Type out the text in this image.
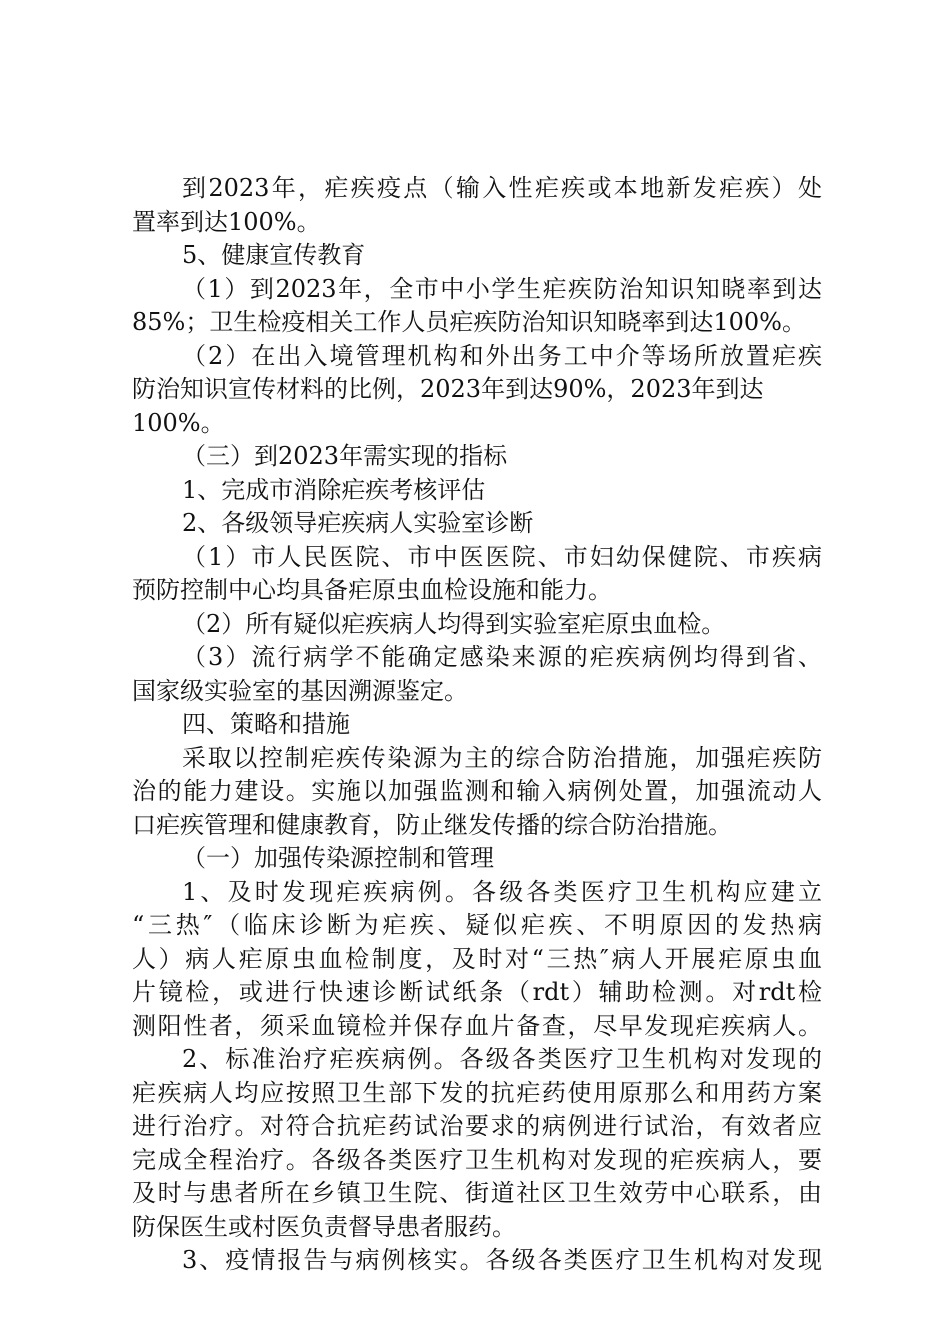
到2023年，疟疾疫点（输入性疟疾或本地新发疟疾）处
置率到达100%。
5、健康宣传教育
（1）到2023年，全市中小学生疟疾防治知识知晓率到达
85%；卫生检疫相关工作人员疟疾防治知识知晓率到达100%。
（2）在出入境管理机构和外出务工中介等场所放置疟疾
防治知识宣传材料的比例，2023年到达90%，2023年到达
100%。
（三）到2023年需实现的指标
1、完成市消除疟疾考核评估
2、各级领导疟疾病人实验室诊断
（1）市人民医院、市中医医院、市妇幼保健院、市疾病
预防控制中心均具备疟原虫血检设施和能力。
（2）所有疑似疟疾病人均得到实验室疟原虫血检。
（3）流行病学不能确定感染来源的疟疾病例均得到省、
国家级实验室的基因溯源鉴定。
四、策略和措施
采取以控制疟疾传染源为主的综合防治措施，加强疟疾防
治的能力建设。实施以加强监测和输入病例处置，加强流动人
口疟疾管理和健康教育，防止继发传播的综合防治措施。
（一）加强传染源控制和管理
1、及时发现疟疾病例。各级各类医疗卫生机构应建立
“三热″（临床诊断为疟疾、疑似疟疾、不明原因的发热病
人）病人疟原虫血检制度，及时对“三热″病人开展疟原虫血
片镜检，或进行快速诊断试纸条（rdt）辅助检测。对rdt检
测阳性者，须采血镜检并保存血片备查，尽早发现疟疾病人。
2、标准治疗疟疾病例。各级各类医疗卫生机构对发现的
疟疾病人均应按照卫生部下发的抗疟药使用原那么和用药方案
进行治疗。对符合抗疟药试治要求的病例进行试治，有效者应
完成全程治疗。各级各类医疗卫生机构对发现的疟疾病人，要
及时与患者所在乡镇卫生院、街道社区卫生效劳中心联系，由
防保医生或村医负责督导患者服药。
3、疫情报告与病例核实。各级各类医疗卫生机构对发现
